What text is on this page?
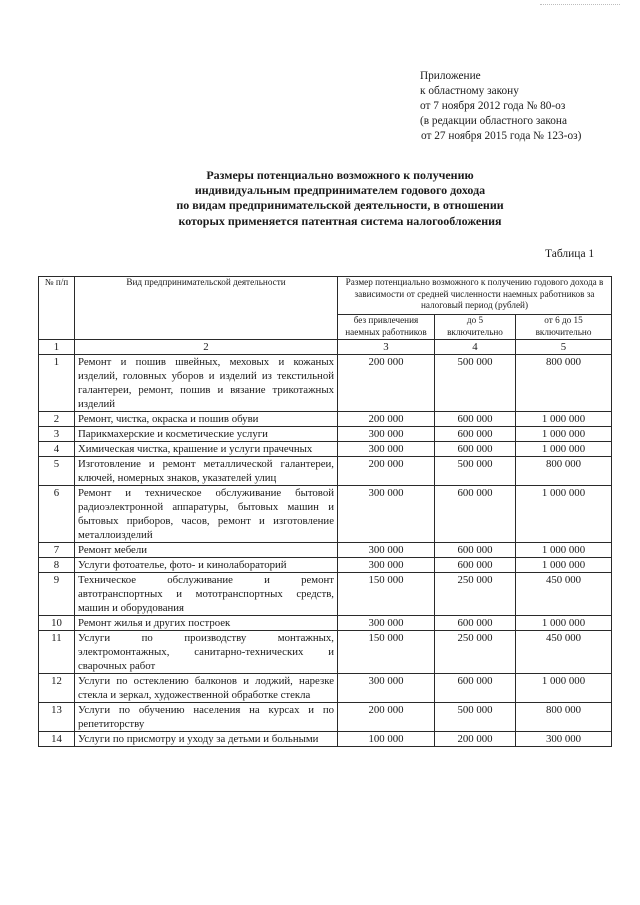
Приложение
к областному закону
от 7 ноября 2012 года № 80-оз
(в редакции областного закона
от 27 ноября 2015 года № 123-оз)
Размеры потенциально возможного к получению
индивидуальным предпринимателем годового дохода
по видам предпринимательской деятельности, в отношении
которых применяется патентная система налогообложения
Таблица 1
№ п/п	Вид предпринимательской деятельности	Размер потенциально возможного к получению годового дохода в зависимости от средней численности наемных работников за налоговый период (рублей)		
		без привлечения наемных работников	до 5 включительно	от 6 до 15 включительно
1	2	3	4	5
1	Ремонт и пошив швейных, меховых и кожаных изделий, головных уборов и изделий из текстильной галантереи, ремонт, пошив и вязание трикотажных изделий	200 000	500 000	800 000
2	Ремонт, чистка, окраска и пошив обуви	200 000	600 000	1 000 000
3	Парикмахерские и косметические услуги	300 000	600 000	1 000 000
4	Химическая чистка, крашение и услуги прачечных	300 000	600 000	1 000 000
5	Изготовление и ремонт металлической галантереи, ключей, номерных знаков, указателей улиц	200 000	500 000	800 000
6	Ремонт и техническое обслуживание бытовой радиоэлектронной аппаратуры, бытовых машин и бытовых приборов, часов, ремонт и изготовление металлоизделий	300 000	600 000	1 000 000
7	Ремонт мебели	300 000	600 000	1 000 000
8	Услуги фотоателье, фото- и кинолабораторий	300 000	600 000	1 000 000
9	Техническое обслуживание и ремонт автотранспортных и мототранспортных средств, машин и оборудования	150 000	250 000	450 000
10	Ремонт жилья и других построек	300 000	600 000	1 000 000
11	Услуги по производству монтажных, электромонтажных, санитарно-технических и сварочных работ	150 000	250 000	450 000
12	Услуги по остеклению балконов и лоджий, нарезке стекла и зеркал, художественной обработке стекла	300 000	600 000	1 000 000
13	Услуги по обучению населения на курсах и по репетиторству	200 000	500 000	800 000
14	Услуги по присмотру и уходу за детьми и больными	100 000	200 000	300 000
